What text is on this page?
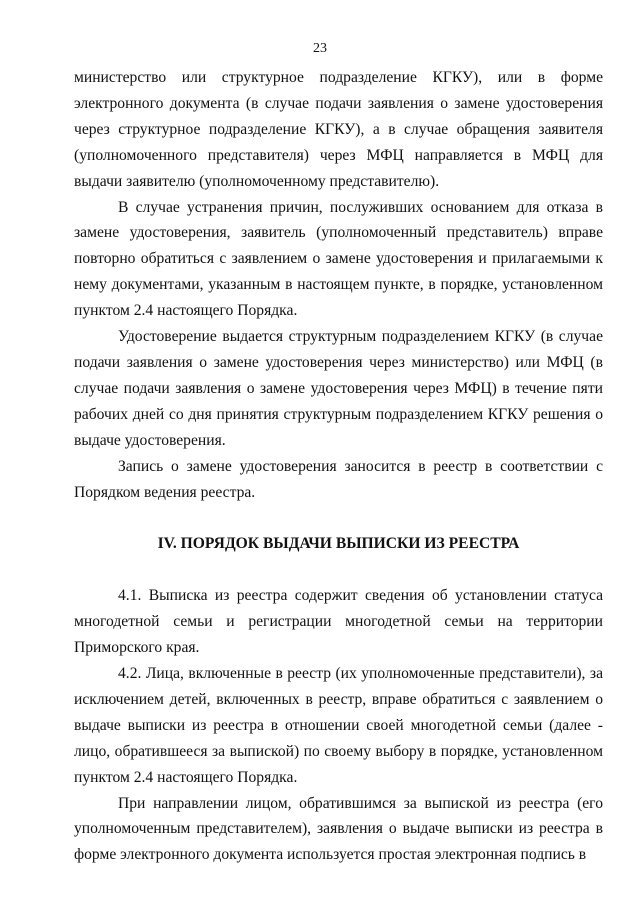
23

министерство или структурное подразделение КГКУ), или в форме электронного документа (в случае подачи заявления о замене удостоверения через структурное подразделение КГКУ), а в случае обращения заявителя (уполномоченного представителя) через МФЦ направляется в МФЦ для выдачи заявителю (уполномоченному представителю).

В случае устранения причин, послуживших основанием для отказа в замене удостоверения, заявитель (уполномоченный представитель) вправе повторно обратиться с заявлением о замене удостоверения и прилагаемыми к нему документами, указанным в настоящем пункте, в порядке, установленном пунктом 2.4 настоящего Порядка.

Удостоверение выдается структурным подразделением КГКУ (в случае подачи заявления о замене удостоверения через министерство) или МФЦ (в случае подачи заявления о замене удостоверения через МФЦ) в течение пяти рабочих дней со дня принятия структурным подразделением КГКУ решения о выдаче удостоверения.

Запись о замене удостоверения заносится в реестр в соответствии с Порядком ведения реестра.

IV. ПОРЯДОК ВЫДАЧИ ВЫПИСКИ ИЗ РЕЕСТРА

4.1. Выписка из реестра содержит сведения об установлении статуса многодетной семьи и регистрации многодетной семьи на территории Приморского края.

4.2. Лица, включенные в реестр (их уполномоченные представители), за исключением детей, включенных в реестр, вправе обратиться с заявлением о выдаче выписки из реестра в отношении своей многодетной семьи (далее - лицо, обратившееся за выпиской) по своему выбору в порядке, установленном пунктом 2.4 настоящего Порядка.

При направлении лицом, обратившимся за выпиской из реестра (его уполномоченным представителем), заявления о выдаче выписки из реестра в форме электронного документа используется простая электронная подпись в
